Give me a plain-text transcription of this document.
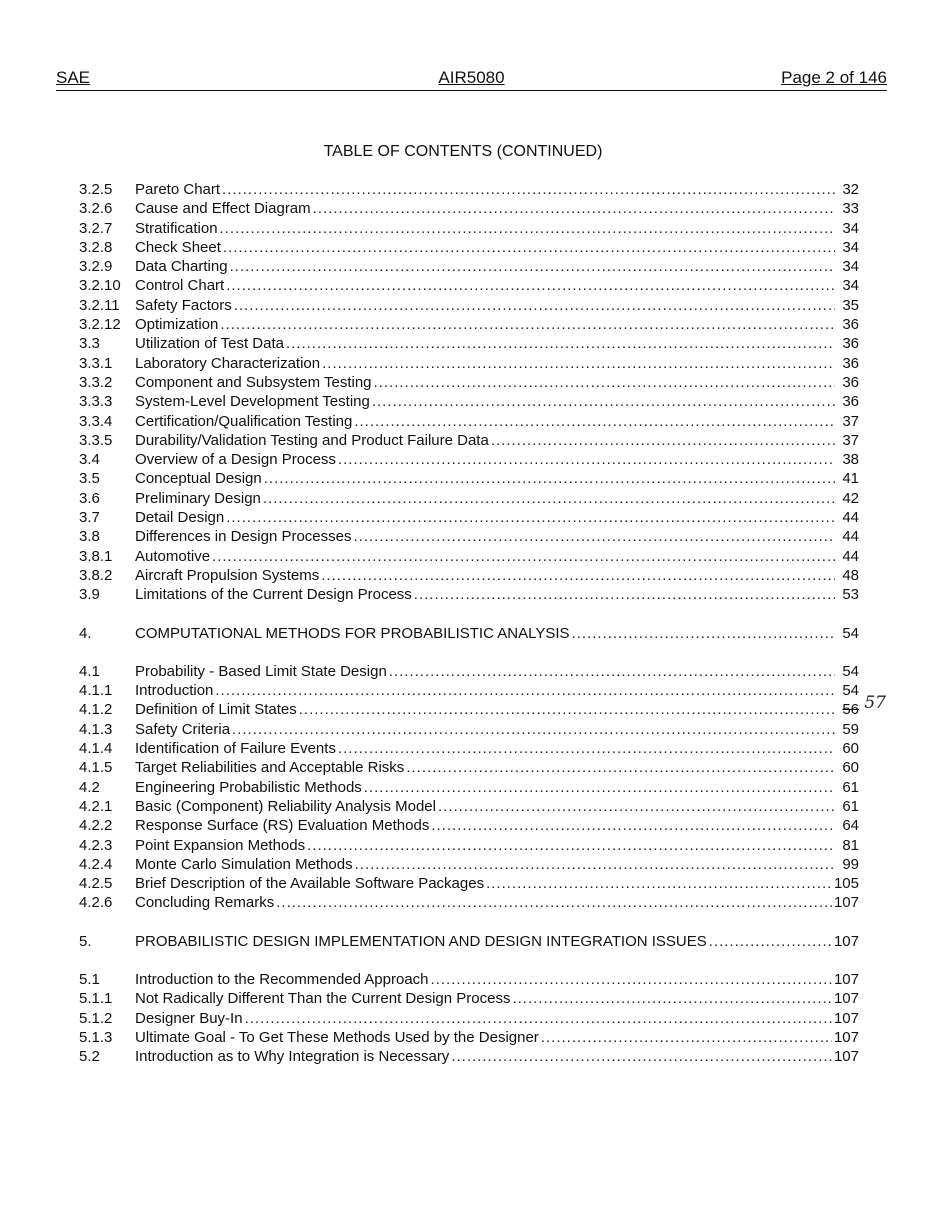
SAE	AIR5080	Page 2 of 146
TABLE OF CONTENTS (CONTINUED)
3.2.5	Pareto Chart .....	32
3.2.6	Cause and Effect Diagram .....	33
3.2.7	Stratification .....	34
3.2.8	Check Sheet .....	34
3.2.9	Data Charting .....	34
3.2.10 Control Chart .....	34
3.2.11	Safety Factors .....	35
3.2.12 Optimization .....	36
3.3	Utilization of Test Data .....	36
3.3.1	Laboratory Characterization .....	36
3.3.2	Component and Subsystem Testing .....	36
3.3.3	System-Level Development Testing .....	36
3.3.4	Certification/Qualification Testing .....	37
3.3.5	Durability/Validation Testing and Product Failure Data .....	37
3.4	Overview of a Design Process .....	38
3.5	Conceptual Design .....	41
3.6	Preliminary Design .....	42
3.7	Detail Design .....	44
3.8	Differences in Design Processes .....	44
3.8.1	Automotive .....	44
3.8.2	Aircraft Propulsion Systems .....	48
3.9	Limitations of the Current Design Process .....	53
4.	COMPUTATIONAL METHODS FOR PROBABILISTIC ANALYSIS .....	54
4.1	Probability - Based Limit State Design .....	54
4.1.1	Introduction .....	54
4.1.2	Definition of Limit States .....	56 57
4.1.3	Safety Criteria .....	59
4.1.4	Identification of Failure Events .....	60
4.1.5	Target Reliabilities and Acceptable Risks .....	60
4.2	Engineering Probabilistic Methods .....	61
4.2.1	Basic (Component) Reliability Analysis Model .....	61
4.2.2	Response Surface (RS) Evaluation Methods .....	64
4.2.3	Point Expansion Methods .....	81
4.2.4	Monte Carlo Simulation Methods .....	99
4.2.5	Brief Description of the Available Software Packages .....	105
4.2.6	Concluding Remarks .....	107
5.	PROBABILISTIC DESIGN IMPLEMENTATION AND DESIGN INTEGRATION ISSUES .....	107
5.1	Introduction to the Recommended Approach .....	107
5.1.1	Not Radically Different Than the Current Design Process .....	107
5.1.2	Designer Buy-In .....	107
5.1.3	Ultimate Goal - To Get These Methods Used by the Designer .....	107
5.2	Introduction as to Why Integration is Necessary .....	107
